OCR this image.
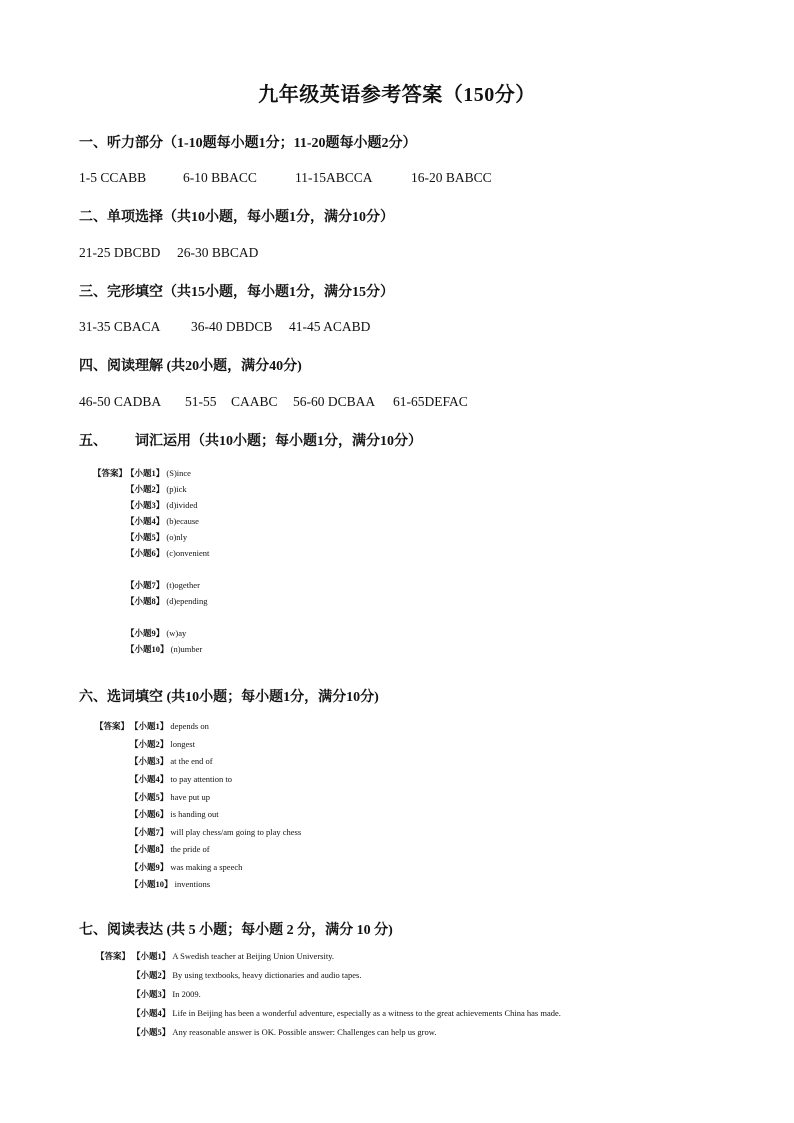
九年级英语参考答案（150分）
一、听力部分（1-10题每小题1分；11-20题每小题2分）
1-5 CCABB	6-10 BBACC	11-15ABCCA	16-20 BABCC
二、单项选择（共10小题，每小题1分，满分10分）
21-25 DBCBD 26-30 BBCAD
三、完形填空（共15小题，每小题1分，满分15分）
31-35 CBACA 36-40 DBDCB 41-45 ACABD
四、阅读理解 (共20小题，满分40分)
46-50 CADBA 51-55 CAABC 56-60 DCBAA 61-65DEFAC
五、 词汇运用（共10小题；每小题1分，满分10分）
【答案】
【小题1】 (S)ince
【小题2】 (p)ick
【小题3】 (d)ivided
【小题4】 (b)ecause
【小题5】 (o)nly
【小题6】 (c)onvenient
【小题7】 (t)ogether
【小题8】 (d)epending
【小题9】 (w)ay
【小题10】 (n)umber
六、选词填空 (共10小题；每小题1分，满分10分)
【答案】 【小题1】 depends on
【小题2】 longest
【小题3】 at the end of
【小题4】 to pay attention to
【小题5】 have put up
【小题6】 is handing out
【小题7】 will play chess/am going to play chess
【小题8】 the pride of
【小题9】 was making a speech
【小题10】 inventions
七、阅读表达 (共 5 小题；每小题 2 分，满分 10 分)
【答案】 【小题1】 A Swedish teacher at Beijing Union University.
【小题2】 By using textbooks, heavy dictionaries and audio tapes.
【小题3】 In 2009.
【小题4】 Life in Beijing has been a wonderful adventure, especially as a witness to the great achievements China has made.
【小题5】 Any reasonable answer is OK. Possible answer: Challenges can help us grow.
